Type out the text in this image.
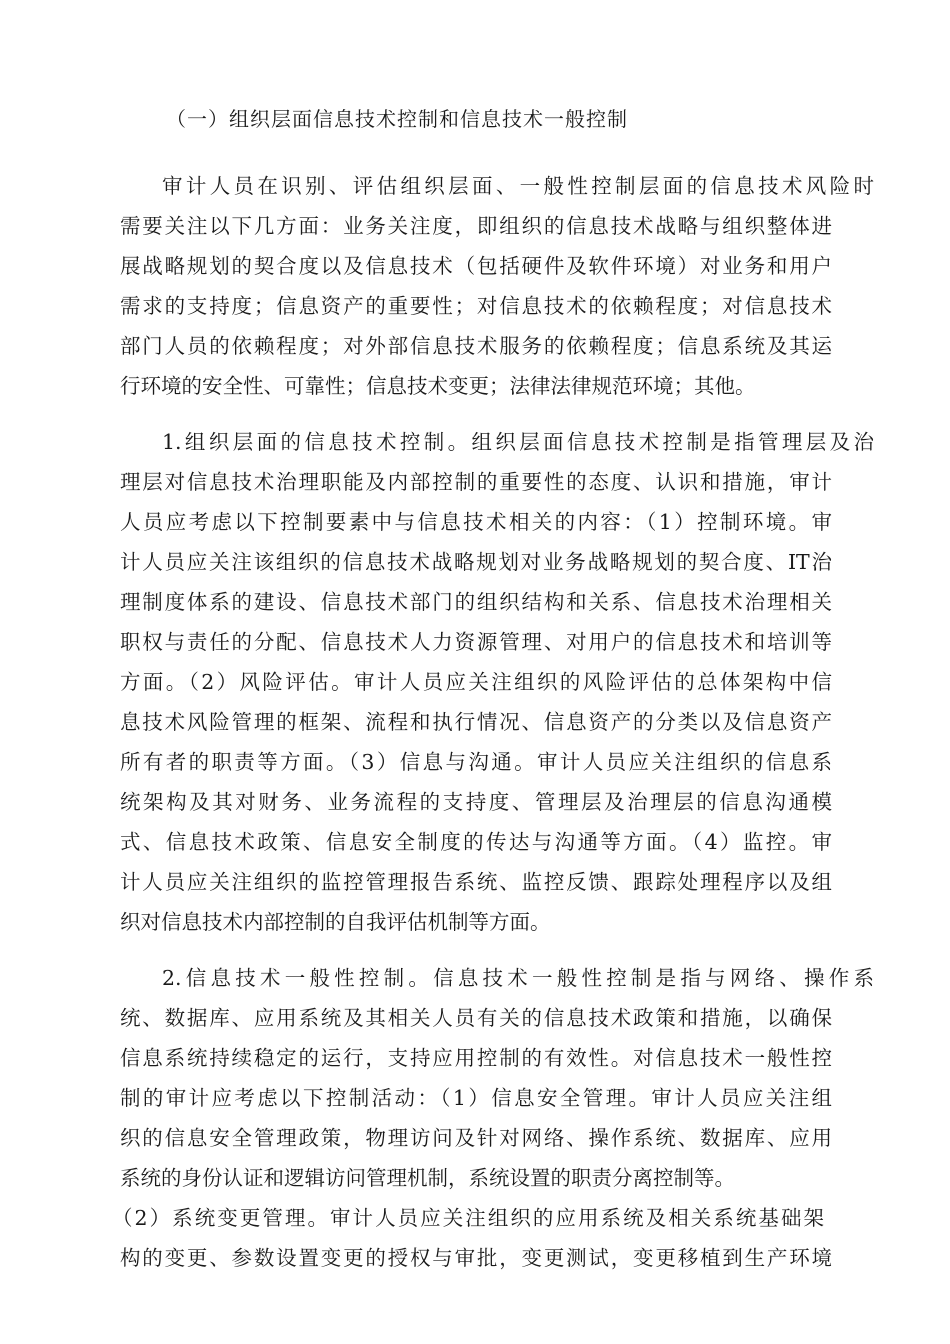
（一）组织层面信息技术控制和信息技术一般控制
审计人员在识别、评估组织层面、一般性控制层面的信息技术风险时
需要关注以下几方面：业务关注度，即组织的信息技术战略与组织整体进
展战略规划的契合度以及信息技术（包括硬件及软件环境）对业务和用户
需求的支持度；信息资产的重要性；对信息技术的依赖程度；对信息技术
部门人员的依赖程度；对外部信息技术服务的依赖程度；信息系统及其运
行环境的安全性、可靠性；信息技术变更；法律法律规范环境；其他。
1.组织层面的信息技术控制。组织层面信息技术控制是指管理层及治
理层对信息技术治理职能及内部控制的重要性的态度、认识和措施，审计
人员应考虑以下控制要素中与信息技术相关的内容：（1）控制环境。审
计人员应关注该组织的信息技术战略规划对业务战略规划的契合度、IT治
理制度体系的建设、信息技术部门的组织结构和关系、信息技术治理相关
职权与责任的分配、信息技术人力资源管理、对用户的信息技术和培训等
方面。（2）风险评估。审计人员应关注组织的风险评估的总体架构中信
息技术风险管理的框架、流程和执行情况、信息资产的分类以及信息资产
所有者的职责等方面。（3）信息与沟通。审计人员应关注组织的信息系
统架构及其对财务、业务流程的支持度、管理层及治理层的信息沟通模
式、信息技术政策、信息安全制度的传达与沟通等方面。（4）监控。审
计人员应关注组织的监控管理报告系统、监控反馈、跟踪处理程序以及组
织对信息技术内部控制的自我评估机制等方面。
2.信息技术一般性控制。信息技术一般性控制是指与网络、操作系
统、数据库、应用系统及其相关人员有关的信息技术政策和措施，以确保
信息系统持续稳定的运行，支持应用控制的有效性。对信息技术一般性控
制的审计应考虑以下控制活动：（1）信息安全管理。审计人员应关注组
织的信息安全管理政策，物理访问及针对网络、操作系统、数据库、应用
系统的身份认证和逻辑访问管理机制，系统设置的职责分离控制等。
（2）系统变更管理。审计人员应关注组织的应用系统及相关系统基础架
构的变更、参数设置变更的授权与审批，变更测试，变更移植到生产环境
